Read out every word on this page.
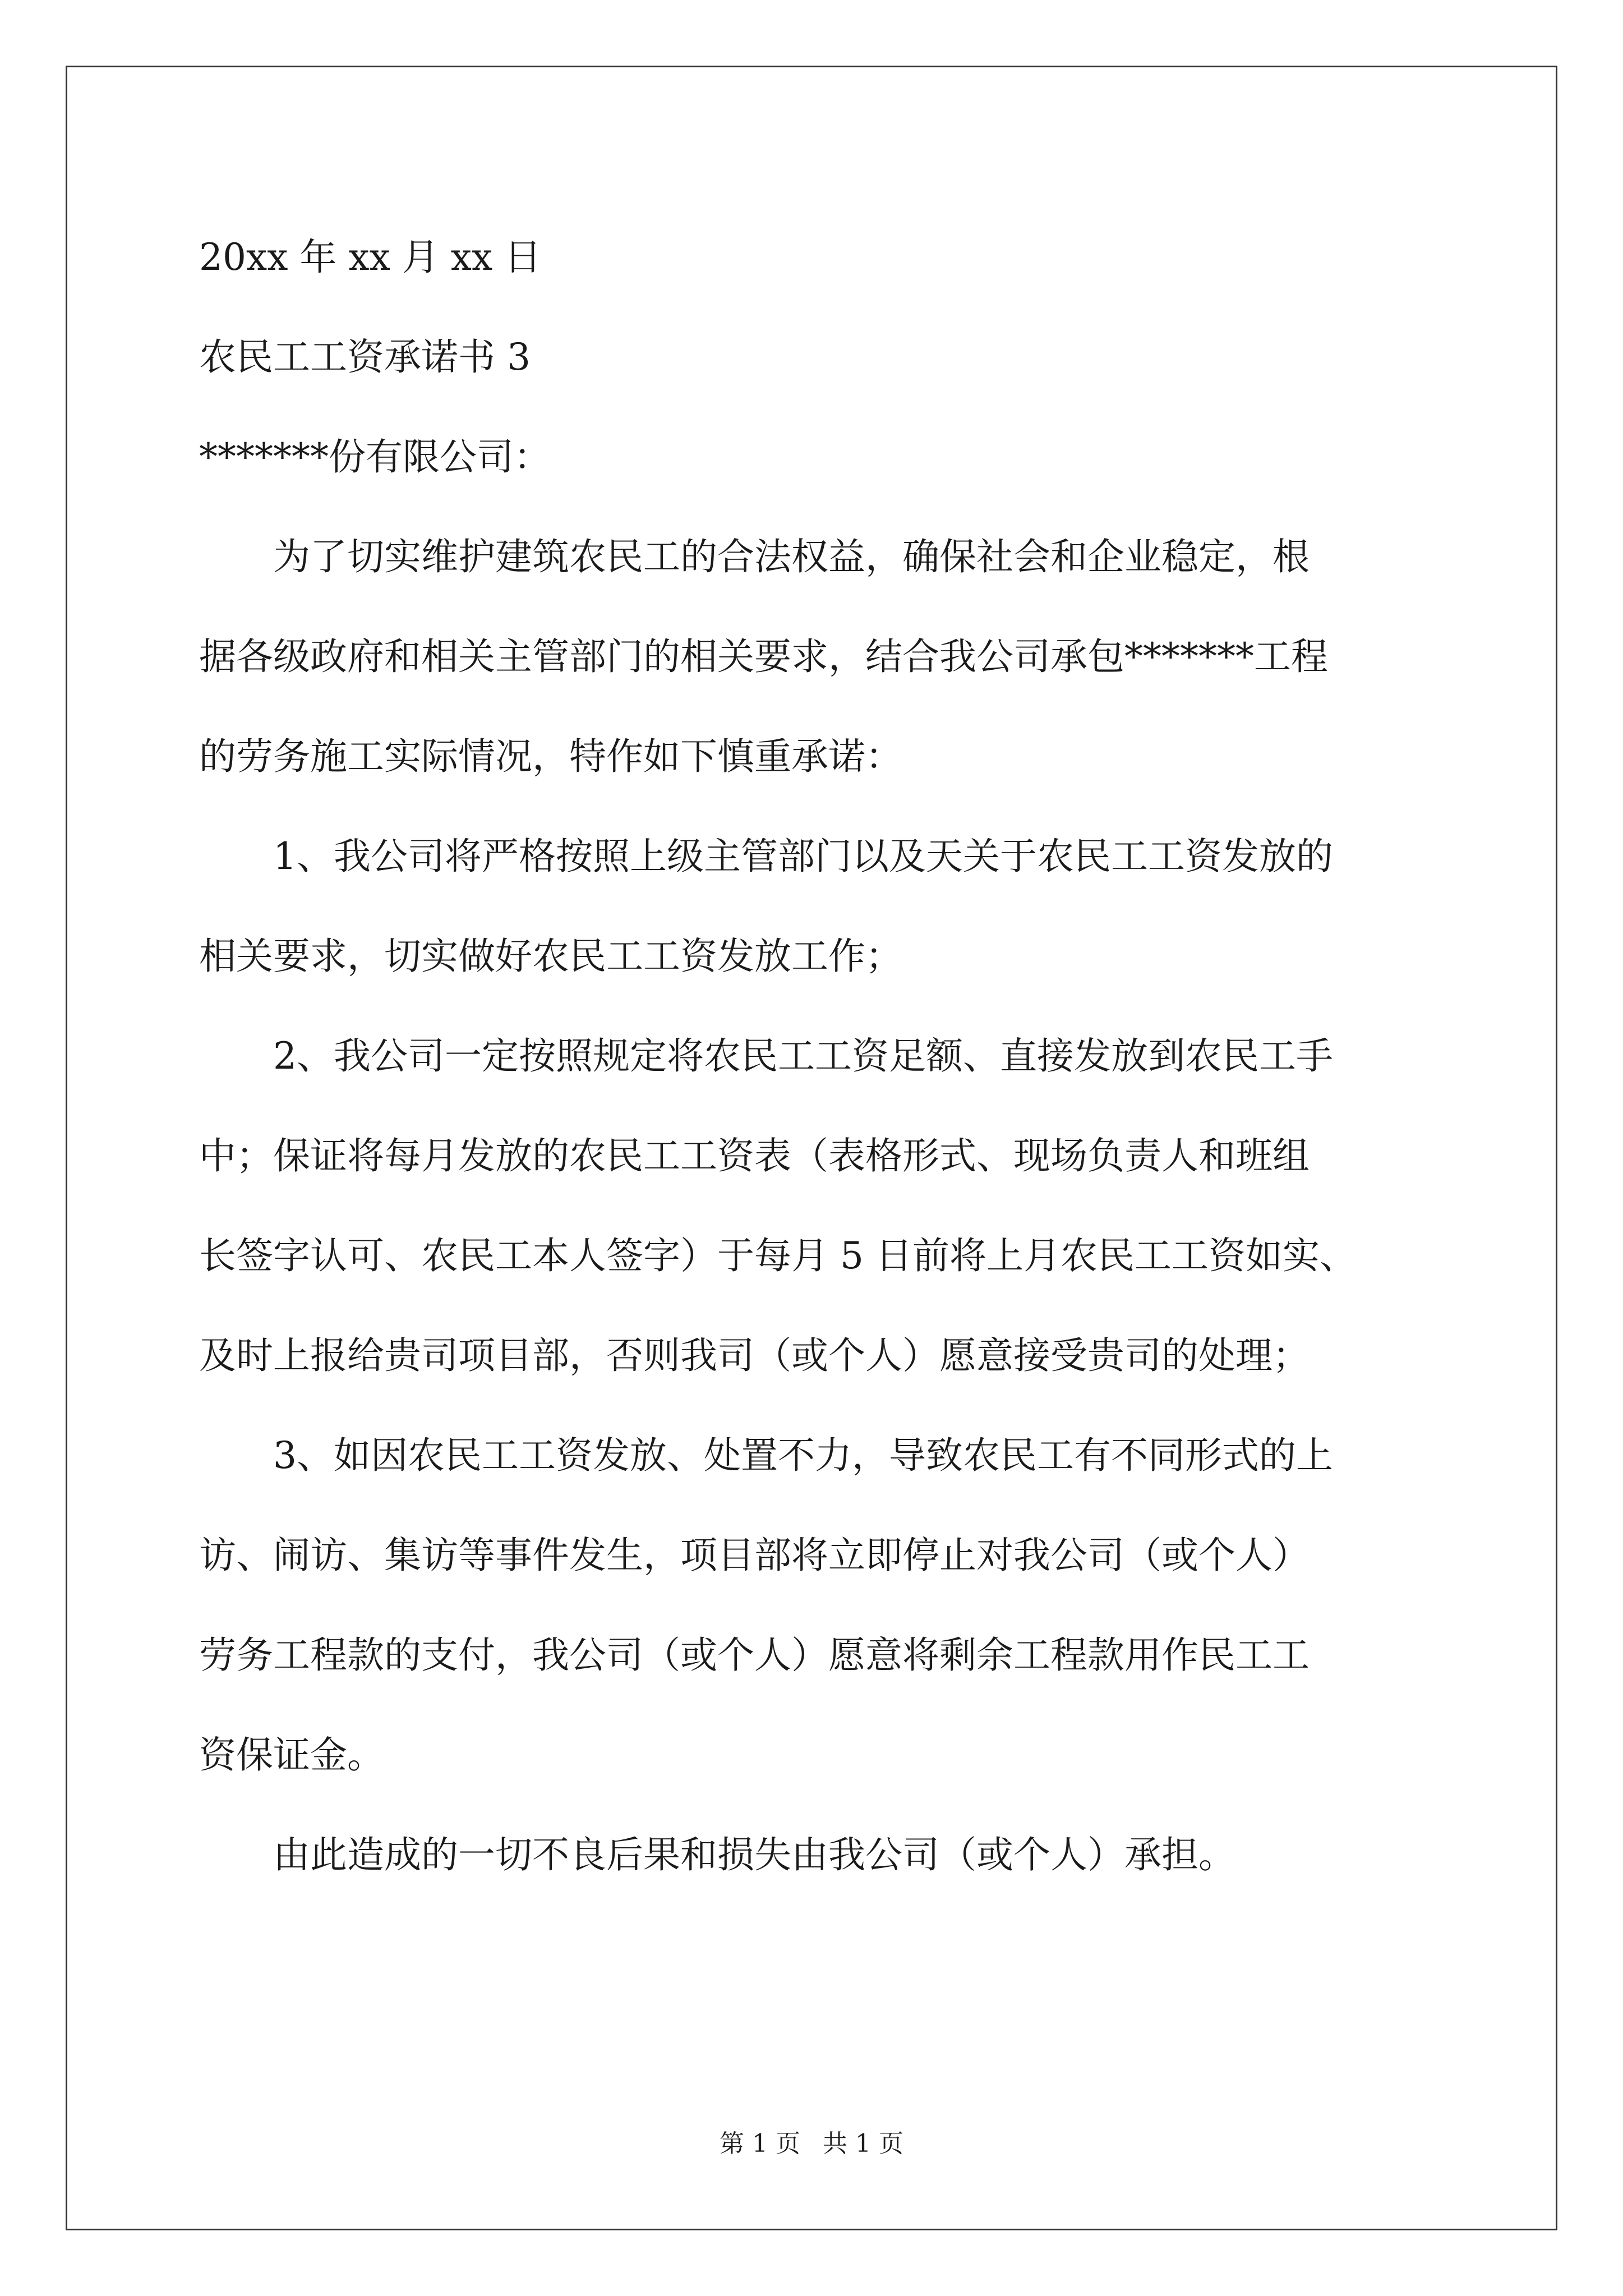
20xx 年 xx 月 xx 日

农民工工资承诺书 3

*******份有限公司：

为了切实维护建筑农民工的合法权益，确保社会和企业稳定，根
据各级政府和相关主管部门的相关要求，结合我公司承包*******工程
的劳务施工实际情况，特作如下慎重承诺：
1、我公司将严格按照上级主管部门以及天关于农民工工资发放的
相关要求，切实做好农民工工资发放工作；
2、我公司一定按照规定将农民工工资足额、直接发放到农民工手
中；保证将每月发放的农民工工资表（表格形式、现场负责人和班组
长签字认可、农民工本人签字）于每月 5 日前将上月农民工工资如实、
及时上报给贵司项目部，否则我司（或个人）愿意接受贵司的处理；
3、如因农民工工资发放、处置不力，导致农民工有不同形式的上
访、闹访、集访等事件发生，项目部将立即停止对我公司（或个人）
劳务工程款的支付，我公司（或个人）愿意将剩余工程款用作民工工
资保证金。
由此造成的一切不良后果和损失由我公司（或个人）承担。
第 1 页 共 1 页
